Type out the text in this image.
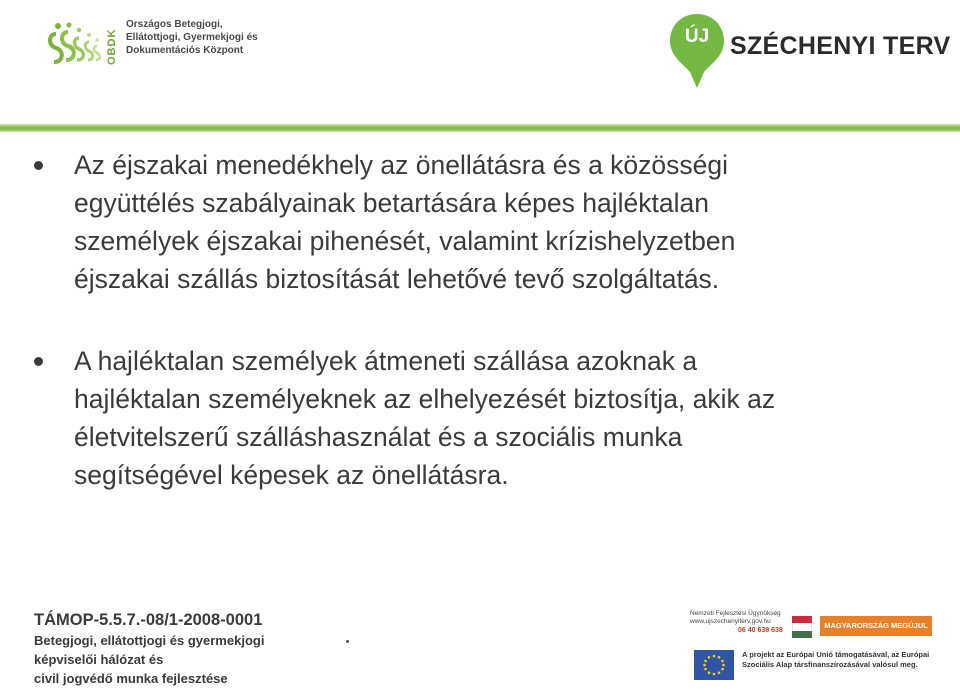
OBDK
Országos Betegjogi,
Ellátottjogi, Gyermekjogi és
Dokumentációs Központ
ÚJ SZÉCHENYI TERV
Az éjszakai menedékhely az önellátásra és a közösségi
együttélés szabályainak betartására képes hajléktalan
személyek éjszakai pihenését, valamint krízishelyzetben
éjszakai szállás biztosítását lehetővé tevő szolgáltatás.
A hajléktalan személyek átmeneti szállása azoknak a
hajléktalan személyeknek az elhelyezését biztosítja, akik az
életvitelszerű szálláshasználat és a szociális munka
segítségével képesek az önellátásra.
TÁMOP-5.5.7.-08/1-2008-0001
Betegjogi, ellátottjogi és gyermekjogi
képviselői hálózat és
civil jogvédő munka fejlesztése
Nemzeti Fejlesztési Ügynökség
www.ujszechenyiterv.gov.hu
06 40 638 638
MAGYARORSZÁG MEGÚJUL
A projekt az Európai Unió támogatásával, az Európai
Szociális Alap társfinanszírozásával valósul meg.
